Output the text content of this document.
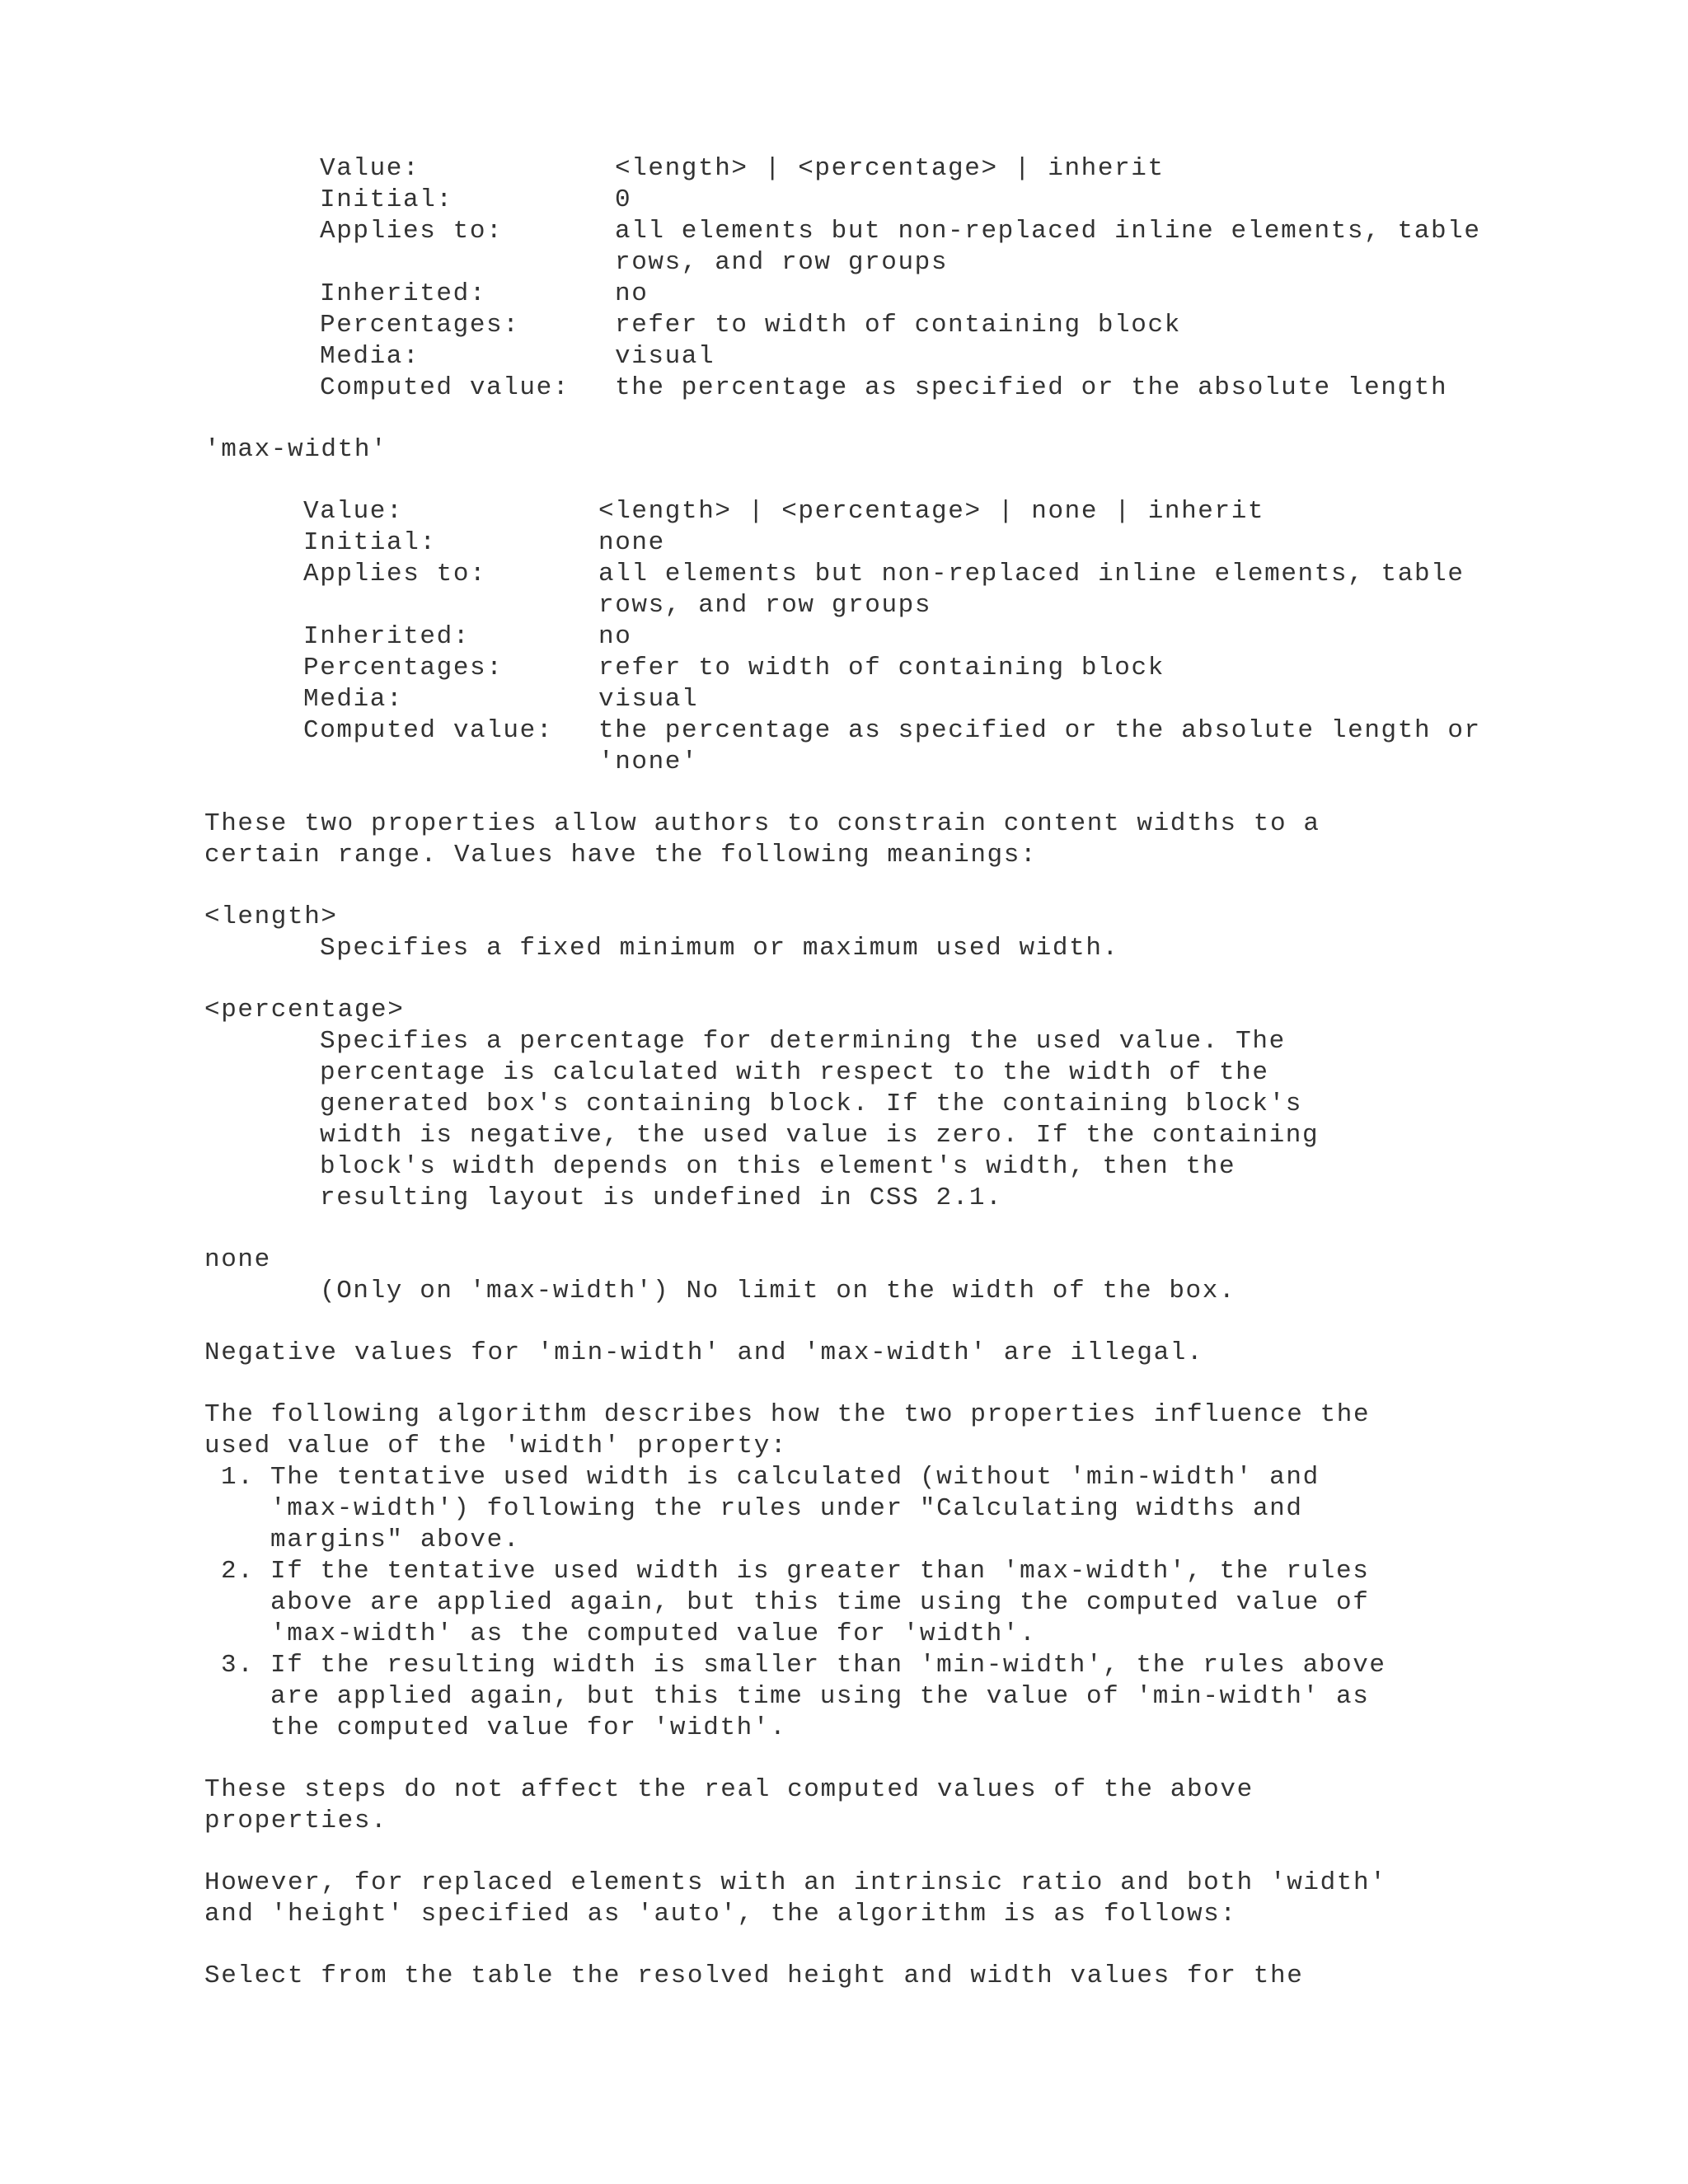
Value:	<length> | <percentage> | inherit
Initial:	0
Applies to:	all elements but non-replaced inline elements, table
rows, and row groups
Inherited:	no
Percentages:	refer to width of containing block
Media:	visual
Computed value: the percentage as specified or the absolute length
'max-width'
Value:	<length> | <percentage> | none | inherit
Initial:	none
Applies to:	all elements but non-replaced inline elements, table
rows, and row groups
Inherited:	no
Percentages:	refer to width of containing block
Media:	visual
Computed value: the percentage as specified or the absolute length or
'none'
These two properties allow authors to constrain content widths to a
certain range. Values have the following meanings:
<length>
Specifies a fixed minimum or maximum used width.
<percentage>
Specifies a percentage for determining the used value. The
percentage is calculated with respect to the width of the
generated box's containing block. If the containing block's
width is negative, the used value is zero. If the containing
block's width depends on this element's width, then the
resulting layout is undefined in CSS 2.1.
none
(Only on 'max-width') No limit on the width of the box.
Negative values for 'min-width' and 'max-width' are illegal.
The following algorithm describes how the two properties influence the
used value of the 'width' property:
1. The tentative used width is calculated (without 'min-width' and
'max-width') following the rules under "Calculating widths and
margins" above.
2. If the tentative used width is greater than 'max-width', the rules
above are applied again, but this time using the computed value of
'max-width' as the computed value for 'width'.
3. If the resulting width is smaller than 'min-width', the rules above
are applied again, but this time using the value of 'min-width' as
the computed value for 'width'.
These steps do not affect the real computed values of the above
properties.
However, for replaced elements with an intrinsic ratio and both 'width'
and 'height' specified as 'auto', the algorithm is as follows:
Select from the table the resolved height and width values for the
